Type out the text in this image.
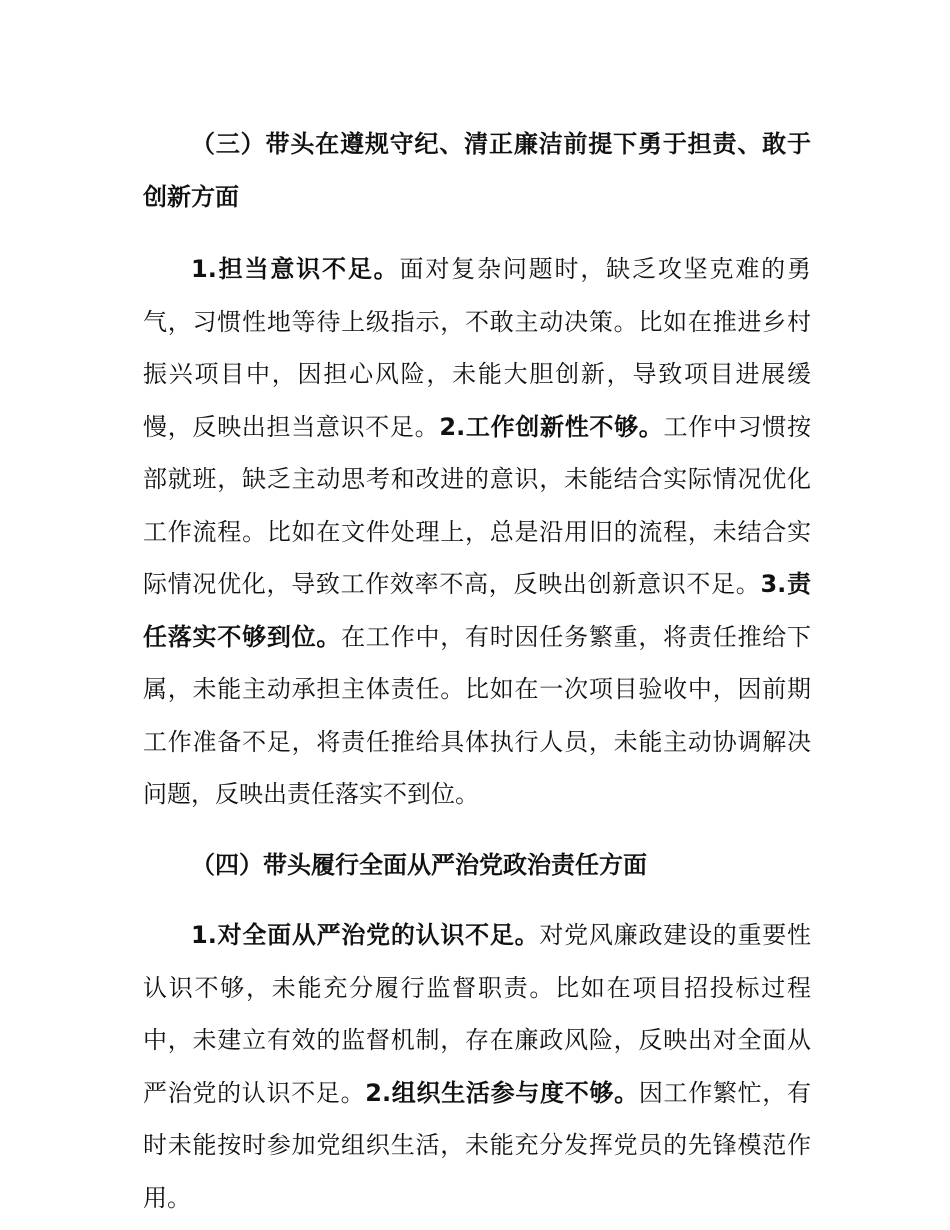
（三）带头在遵规守纪、清正廉洁前提下勇于担责、敢于创新方面

1.担当意识不足。面对复杂问题时，缺乏攻坚克难的勇气，习惯性地等待上级指示，不敢主动决策。比如在推进乡村振兴项目中，因担心风险，未能大胆创新，导致项目进展缓慢，反映出担当意识不足。2.工作创新性不够。工作中习惯按部就班，缺乏主动思考和改进的意识，未能结合实际情况优化工作流程。比如在文件处理上，总是沿用旧的流程，未结合实际情况优化，导致工作效率不高，反映出创新意识不足。3.责任落实不够到位。在工作中，有时因任务繁重，将责任推给下属，未能主动承担主体责任。比如在一次项目验收中，因前期工作准备不足，将责任推给具体执行人员，未能主动协调解决问题，反映出责任落实不到位。

（四）带头履行全面从严治党政治责任方面

1.对全面从严治党的认识不足。对党风廉政建设的重要性认识不够，未能充分履行监督职责。比如在项目招投标过程中，未建立有效的监督机制，存在廉政风险，反映出对全面从严治党的认识不足。2.组织生活参与度不够。因工作繁忙，有时未能按时参加党组织生活，未能充分发挥党员的先锋模范作用。
